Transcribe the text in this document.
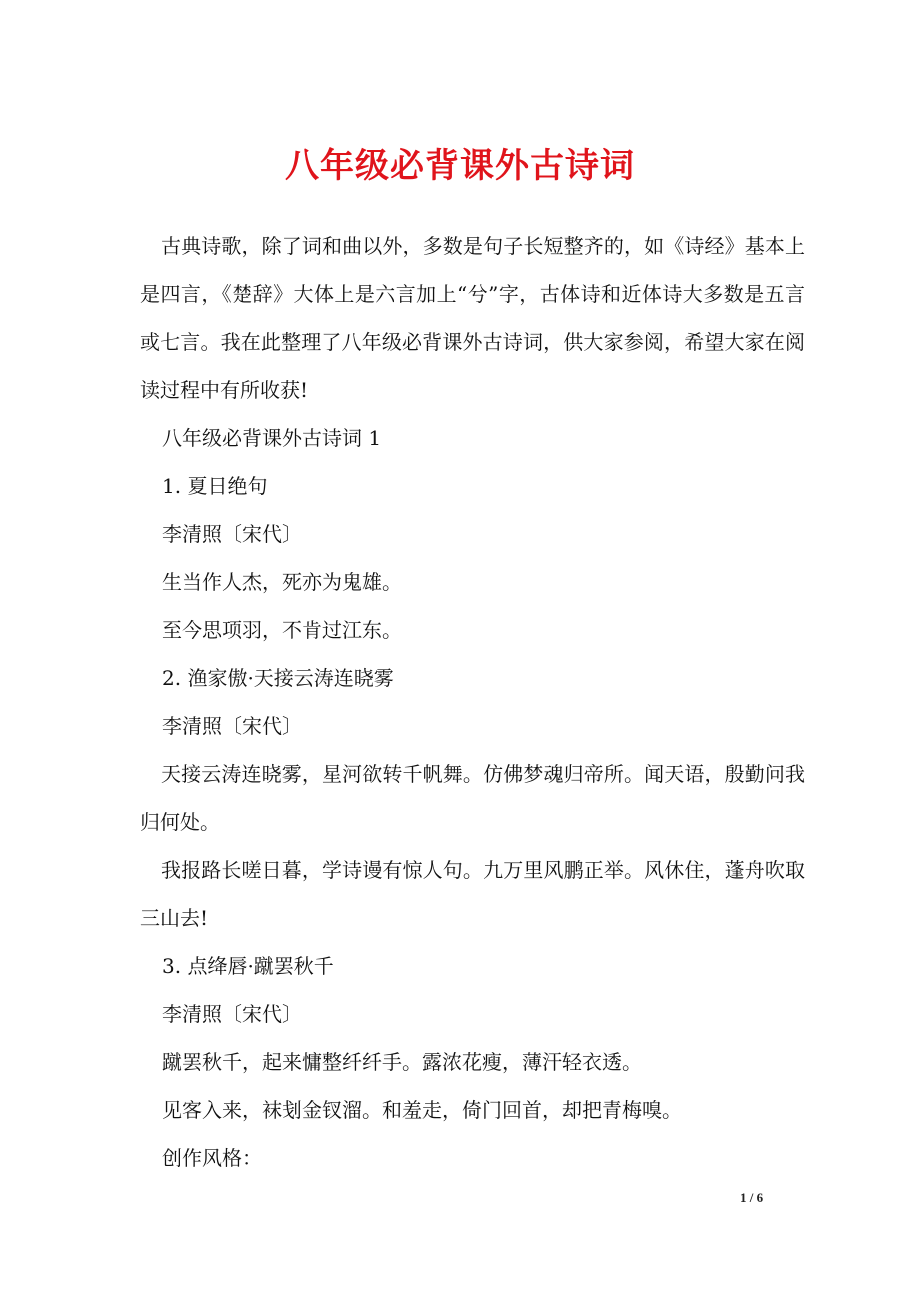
八年级必背课外古诗词
古典诗歌，除了词和曲以外，多数是句子长短整齐的，如《诗经》基本上是四言，《楚辞》大体上是六言加上“兮”字，古体诗和近体诗大多数是五言或七言。我在此整理了八年级必背课外古诗词，供大家参阅，希望大家在阅读过程中有所收获!
八年级必背课外古诗词 1
1. 夏日绝句
李清照〔宋代〕
生当作人杰，死亦为鬼雄。
至今思项羽，不肯过江东。
2. 渔家傲·天接云涛连晓雾
李清照〔宋代〕
天接云涛连晓雾，星河欲转千帆舞。仿佛梦魂归帝所。闻天语，殷勤问我归何处。
我报路长嗟日暮，学诗谩有惊人句。九万里风鹏正举。风休住，蓬舟吹取三山去!
3. 点绛唇·蹴罢秋千
李清照〔宋代〕
蹴罢秋千，起来慵整纤纤手。露浓花瘦，薄汗轻衣透。
见客入来，袜刬金钗溜。和羞走，倚门回首，却把青梅嗅。
创作风格：
1 / 6
